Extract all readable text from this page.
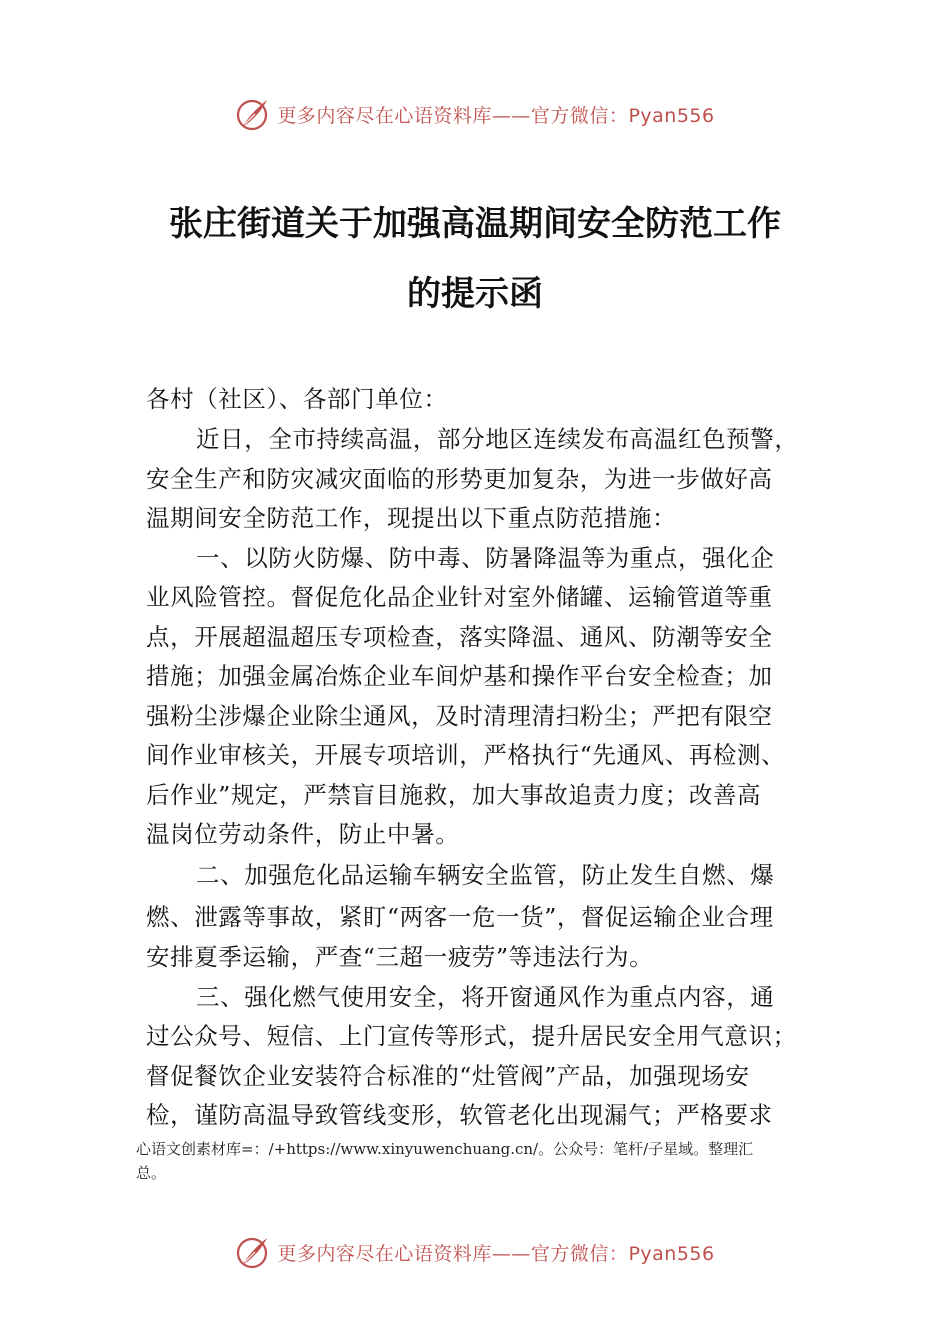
更多内容尽在心语资料库——官方微信：Pyan556
张庄街道关于加强高温期间安全防范工作
的提示函
各村（社区）、各部门单位：
近日，全市持续高温，部分地区连续发布高温红色预警，
安全生产和防灾减灾面临的形势更加复杂，为进一步做好高
温期间安全防范工作，现提出以下重点防范措施：
一、以防火防爆、防中毒、防暑降温等为重点，强化企
业风险管控。督促危化品企业针对室外储罐、运输管道等重
点，开展超温超压专项检查，落实降温、通风、防潮等安全
措施；加强金属冶炼企业车间炉基和操作平台安全检查；加
强粉尘涉爆企业除尘通风，及时清理清扫粉尘；严把有限空
间作业审核关，开展专项培训，严格执行“先通风、再检测、
后作业”规定，严禁盲目施救，加大事故追责力度；改善高
温岗位劳动条件，防止中暑。
二、加强危化品运输车辆安全监管，防止发生自燃、爆
燃、泄露等事故，紧盯“两客一危一货”，督促运输企业合理
安排夏季运输，严查“三超一疲劳”等违法行为。
三、强化燃气使用安全，将开窗通风作为重点内容，通
过公众号、短信、上门宣传等形式，提升居民安全用气意识；
督促餐饮企业安装符合标准的“灶管阀”产品，加强现场安
检，谨防高温导致管线变形，软管老化出现漏气；严格要求
心语文创素材库=：/+https://www.xinyuwenchuang.cn/。公众号：笔杆/子星域。整理汇
总。
更多内容尽在心语资料库——官方微信：Pyan556
